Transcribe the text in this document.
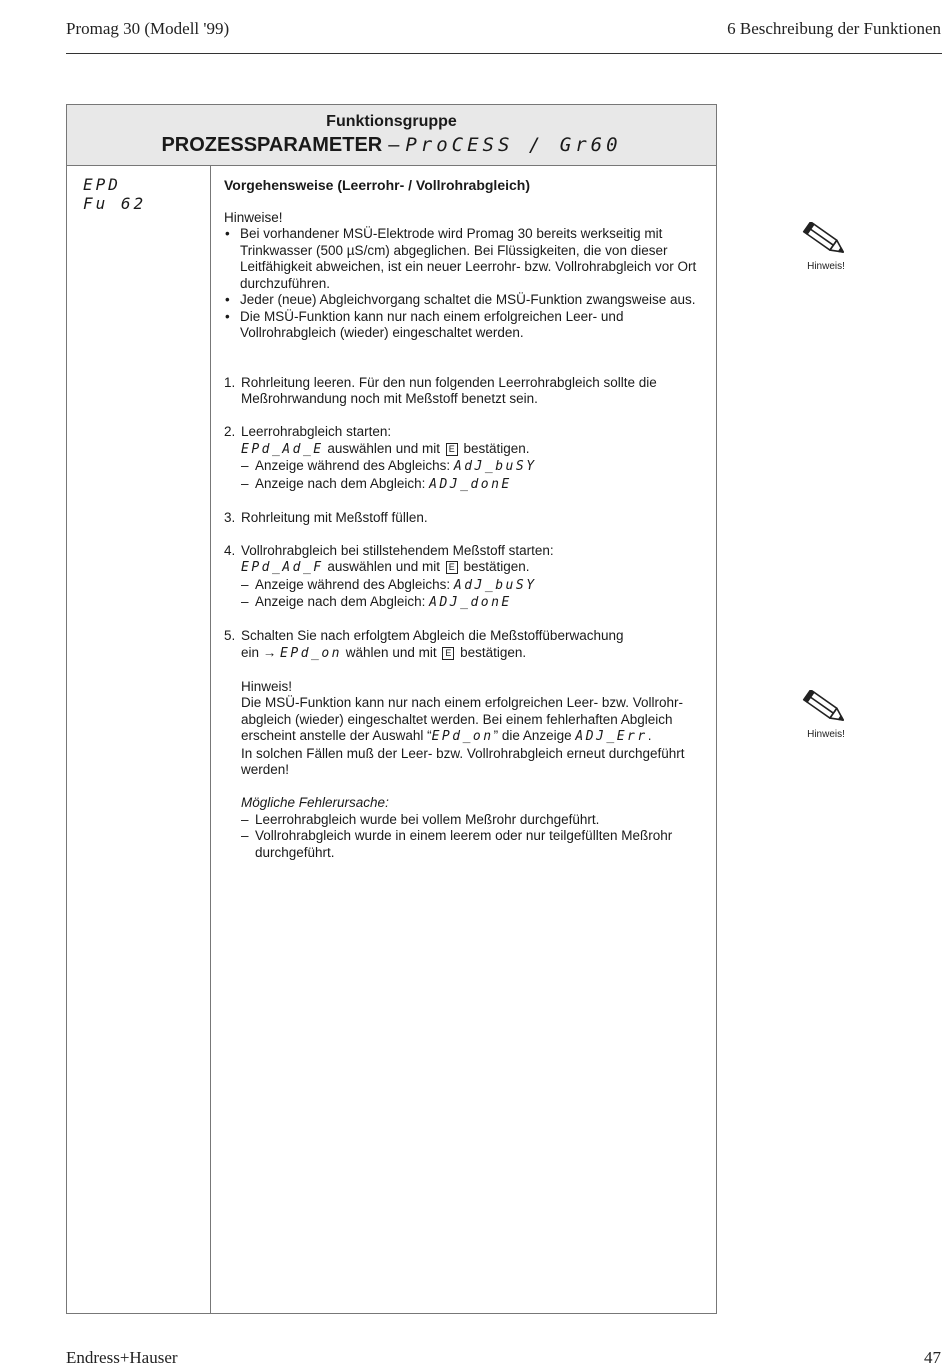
Promag 30 (Modell '99)	6 Beschreibung der Funktionen
Funktionsgruppe
PROZESSPARAMETER – ProCESS / Gr60
EPD
Fu 62

Vorgehensweise (Leerrohr- / Vollrohrabgleich)

Hinweise!

• Bei vorhandener MSÜ-Elektrode wird Promag 30 bereits werkseitig mit Trinkwasser (500 µS/cm) abgeglichen. Bei Flüssigkeiten, die von dieser Leitfähigkeit abweichen, ist ein neuer Leerrohr- bzw. Vollrohrabgleich vor Ort durchzuführen.
• Jeder (neue) Abgleichvorgang schaltet die MSÜ-Funktion zwangsweise aus.
• Die MSÜ-Funktion kann nur nach einem erfolgreichen Leer- und Vollrohrabgleich (wieder) eingeschaltet werden.
1. Rohrleitung leeren. Für den nun folgenden Leerrohrabgleich sollte die Meßrohrwandung noch mit Meßstoff benetzt sein.
2. Leerrohrabgleich starten:
EPd_Ad_E auswählen und mit E bestätigen.
– Anzeige während des Abgleichs: AdJ_buSY
– Anzeige nach dem Abgleich: ADJ_donE
3. Rohrleitung mit Meßstoff füllen.
4. Vollrohrabgleich bei stillstehendem Meßstoff starten:
EPd_Ad_F auswählen und mit E bestätigen.
– Anzeige während des Abgleichs: AdJ_buSY
– Anzeige nach dem Abgleich: ADJ_donE
5. Schalten Sie nach erfolgtem Abgleich die Meßstoffüberwachung
ein → EPd_on wählen und mit E bestätigen.
Hinweis!
Die MSÜ-Funktion kann nur nach einem erfolgreichen Leer- bzw. Vollrohr-
abgleich (wieder) eingeschaltet werden. Bei einem fehlerhaften Abgleich
erscheint anstelle der Auswahl “EPd_on” die Anzeige ADJ_Err.
In solchen Fällen muß der Leer- bzw. Vollrohrabgleich erneut durchgeführt werden!
Mögliche Fehlerursache:
– Leerrohrabgleich wurde bei vollem Meßrohr durchgeführt.
– Vollrohrabgleich wurde in einem leerem oder nur teilgefüllten Meßrohr durchgeführt.
Hinweis!
Hinweis!
Endress+Hauser	47
